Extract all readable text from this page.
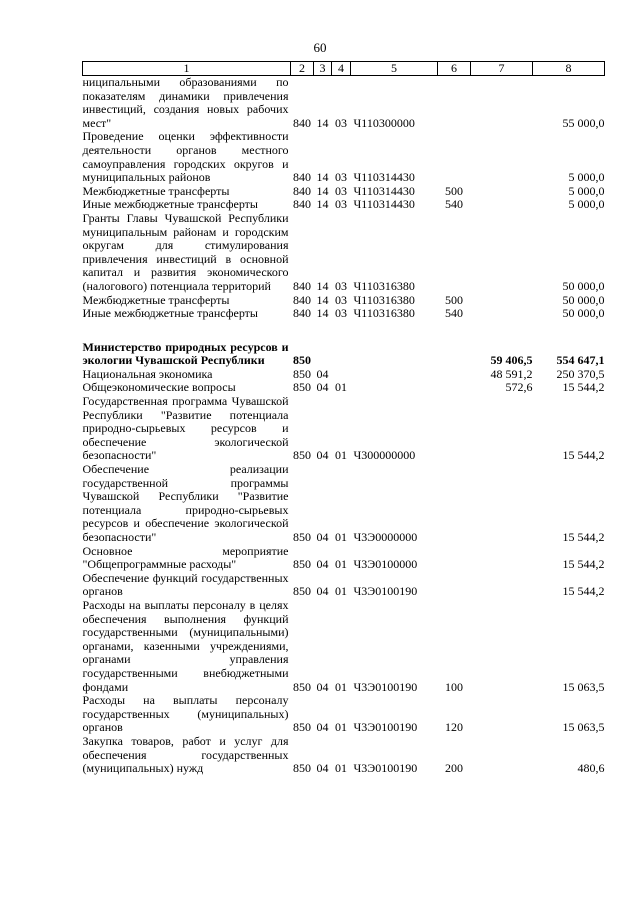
60
1	2	3	4	5	6	7	8
ниципальными образованиями по показателям динамики привлечения инвестиций, создания новых рабочих мест"	840	14	03	Ч110300000			55 000,0
Проведение оценки эффективности деятельности органов местного самоуправления городских округов и муниципальных районов	840	14	03	Ч110314430			5 000,0
Межбюджетные трансферты	840	14	03	Ч110314430	500		5 000,0
Иные межбюджетные трансферты	840	14	03	Ч110314430	540		5 000,0
Гранты Главы Чувашской Республики муниципальным районам и городским округам для стимулирования привлечения инвестиций в основной капитал и развития экономического (налогового) потенциала территорий	840	14	03	Ч110316380			50 000,0
Межбюджетные трансферты	840	14	03	Ч110316380	500		50 000,0
Иные межбюджетные трансферты	840	14	03	Ч110316380	540		50 000,0

Министерство природных ресурсов и экологии Чувашской Республики	850					59 406,5	554 647,1
Национальная экономика	850	04				48 591,2	250 370,5
Общеэкономические вопросы	850	04	01			572,6	15 544,2
Государственная программа Чувашской Республики "Развитие потенциала природно-сырьевых ресурсов и обеспечение экологической безопасности"	850	04	01	Ч300000000			15 544,2
Обеспечение реализации государственной программы Чувашской Республики "Развитие потенциала природно-сырьевых ресурсов и обеспечение экологической безопасности"	850	04	01	Ч3Э0000000			15 544,2
Основное мероприятие "Общепрограммные расходы"	850	04	01	Ч3Э0100000			15 544,2
Обеспечение функций государственных органов	850	04	01	Ч3Э0100190			15 544,2
Расходы на выплаты персоналу в целях обеспечения выполнения функций государственными (муниципальными) органами, казенными учреждениями, органами управления государственными внебюджетными фондами	850	04	01	Ч3Э0100190	100		15 063,5
Расходы на выплаты персоналу государственных (муниципальных) органов	850	04	01	Ч3Э0100190	120		15 063,5
Закупка товаров, работ и услуг для обеспечения государственных (муниципальных) нужд	850	04	01	Ч3Э0100190	200		480,6
